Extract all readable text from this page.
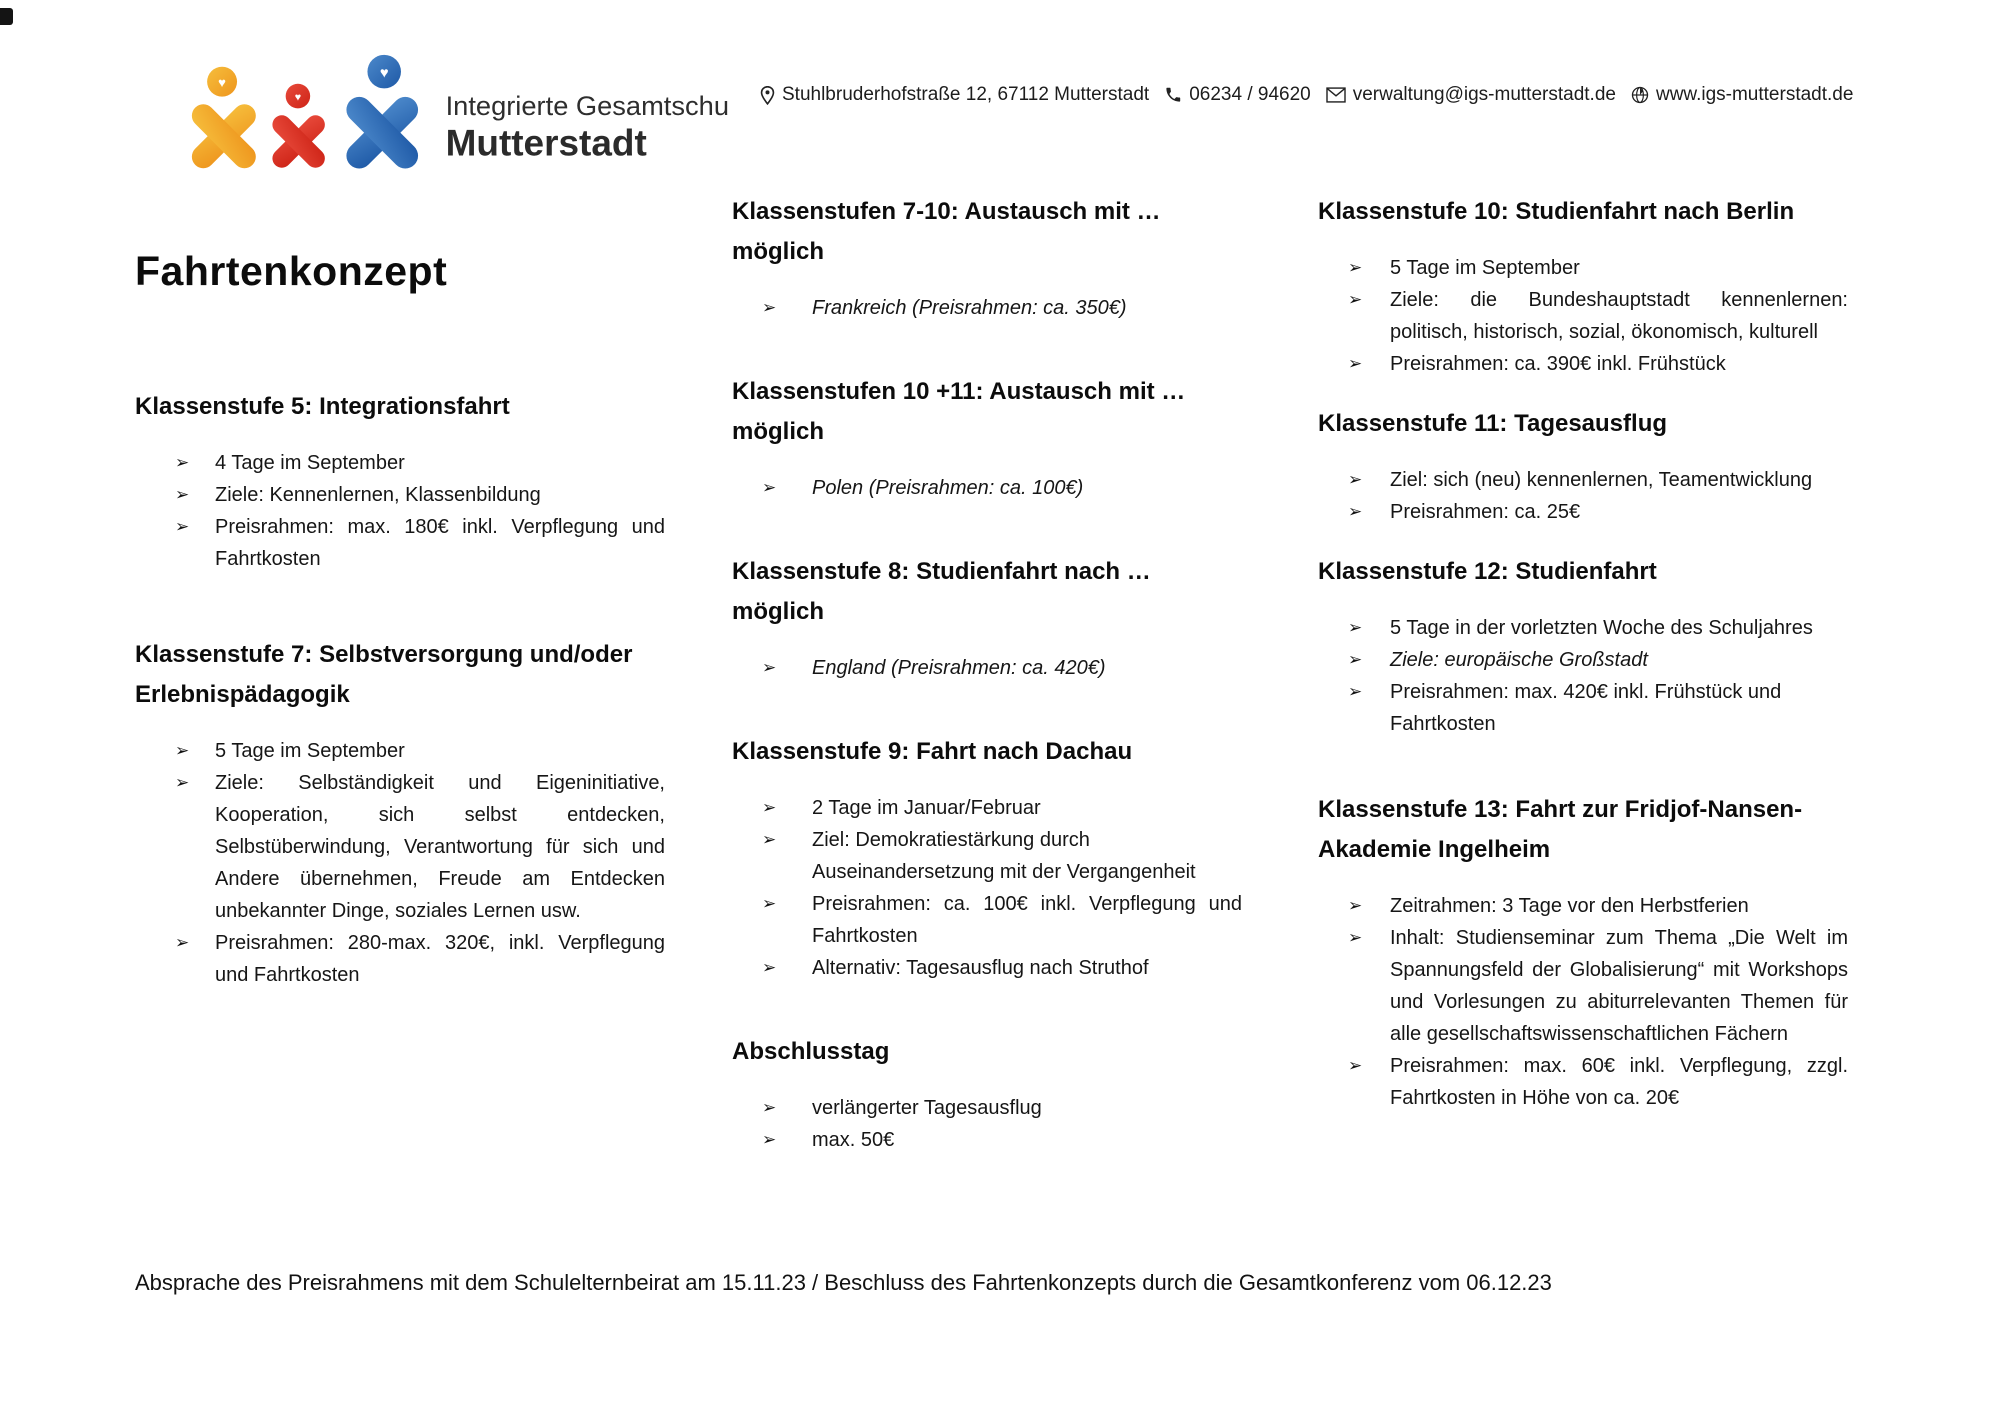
♥
♥
♥
Integrierte Gesamtschule
Mutterstadt
Stuhlbruderhofstraße 12, 67112 Mutterstadt 06234 / 94620 verwaltung@igs-mutterstadt.de www.igs-mutterstadt.de
Fahrtenkonzept
Klassenstufe 5: Integrationsfahrt
➢ 4 Tage im September
➢ Ziele: Kennenlernen, Klassenbildung
➢ Preisrahmen: max. 180€ inkl. Verpflegung und Fahrtkosten
Klassenstufe 7: Selbstversorgung und/oder Erlebnispädagogik
➢ 5 Tage im September
➢ Ziele: Selbständigkeit und Eigeninitiative, Kooperation, sich selbst entdecken, Selbstüberwindung, Verantwortung für sich und Andere übernehmen, Freude am Entdecken unbekannter Dinge, soziales Lernen usw.
➢ Preisrahmen: 280-max. 320€, inkl. Verpflegung und Fahrtkosten
Klassenstufen 7-10: Austausch mit … möglich
➢ Frankreich (Preisrahmen: ca. 350€)
Klassenstufen 10 +11: Austausch mit … möglich
➢ Polen (Preisrahmen: ca. 100€)
Klassenstufe 8: Studienfahrt nach … möglich
➢ England (Preisrahmen: ca. 420€)
Klassenstufe 9: Fahrt nach Dachau
➢ 2 Tage im Januar/Februar
➢ Ziel: Demokratiestärkung durch Auseinandersetzung mit der Vergangenheit
➢ Preisrahmen: ca. 100€ inkl. Verpflegung und Fahrtkosten
➢ Alternativ: Tagesausflug nach Struthof
Abschlusstag
➢ verlängerter Tagesausflug
➢ max. 50€
Klassenstufe 10: Studienfahrt nach Berlin
➢ 5 Tage im September
➢ Ziele: die Bundeshauptstadt kennenlernen: politisch, historisch, sozial, ökonomisch, kulturell
➢ Preisrahmen: ca. 390€ inkl. Frühstück
Klassenstufe 11: Tagesausflug
➢ Ziel: sich (neu) kennenlernen, Teamentwicklung
➢ Preisrahmen: ca. 25€
Klassenstufe 12: Studienfahrt
➢ 5 Tage in der vorletzten Woche des Schuljahres
➢ Ziele: europäische Großstadt
➢ Preisrahmen: max. 420€ inkl. Frühstück und Fahrtkosten
Klassenstufe 13: Fahrt zur Fridjof-Nansen-Akademie Ingelheim
➢ Zeitrahmen: 3 Tage vor den Herbstferien
➢ Inhalt: Studienseminar zum Thema „Die Welt im Spannungsfeld der Globalisierung“ mit Workshops und Vorlesungen zu abiturrelevanten Themen für alle gesellschaftswissenschaftlichen Fächern
➢ Preisrahmen: max. 60€ inkl. Verpflegung, zzgl. Fahrtkosten in Höhe von ca. 20€
Absprache des Preisrahmens mit dem Schulelternbeirat am 15.11.23 / Beschluss des Fahrtenkonzepts durch die Gesamtkonferenz vom 06.12.23
